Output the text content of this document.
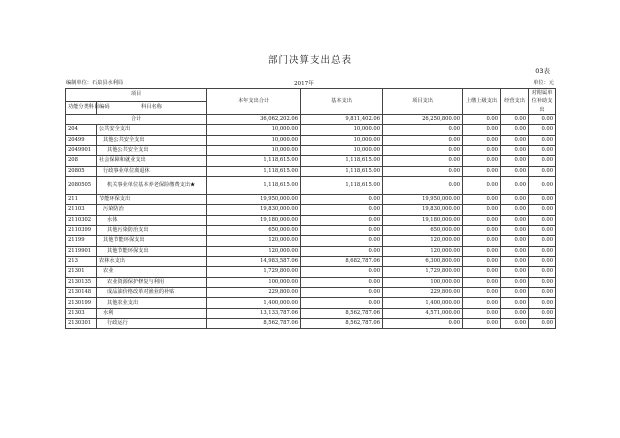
部门决算支出总表
03表
编制单位：石泉县水利局	2017年	单位：元
项目		本年支出合计	基本支出	项目支出	上缴上级支出	经营支出	对附属单位补助支出
功能分类科目编码	科目名称						
合计		36,062,202.06	9,811,402.06	26,250,800.00	0.00	0.00	0.00
204	公共安全支出	10,000.00	10,000.00	0.00	0.00	0.00	0.00
20499	其他公共安全支出	10,000.00	10,000.00	0.00	0.00	0.00	0.00
2049901	其他公共安全支出	10,000.00	10,000.00	0.00	0.00	0.00	0.00
208	社会保障和就业支出	1,118,615.00	1,118,615.00	0.00	0.00	0.00	0.00
20805	行政事业单位离退休	1,118,615.00	1,118,615.00	0.00	0.00	0.00	0.00
2080505	机关事业单位基本养老保险缴费支出★	1,118,615.00	1,118,615.00	0.00	0.00	0.00	0.00
211	节能环保支出	19,950,000.00	0.00	19,950,000.00	0.00	0.00	0.00
21103	污染防治	19,830,000.00	0.00	19,830,000.00	0.00	0.00	0.00
2110302	水体	19,180,000.00	0.00	19,180,000.00	0.00	0.00	0.00
2110399	其他污染防治支出	650,000.00	0.00	650,000.00	0.00	0.00	0.00
21199	其他节能环保支出	120,000.00	0.00	120,000.00	0.00	0.00	0.00
2119901	其他节能环保支出	120,000.00	0.00	120,000.00	0.00	0.00	0.00
213	农林水支出	14,983,587.06	8,682,787.06	6,300,800.00	0.00	0.00	0.00
21301	农业	1,729,800.00	0.00	1,729,800.00	0.00	0.00	0.00
2130135	农业资源保护修复与利用	100,000.00	0.00	100,000.00	0.00	0.00	0.00
2130148	成品油价格改革对渔业的补贴	229,800.00	0.00	229,800.00	0.00	0.00	0.00
2130199	其他农业支出	1,400,000.00	0.00	1,400,000.00	0.00	0.00	0.00
21303	水利	13,133,787.06	8,562,787.06	4,571,000.00	0.00	0.00	0.00
2130301	行政运行	8,562,787.06	8,562,787.06	0.00	0.00	0.00	0.00
